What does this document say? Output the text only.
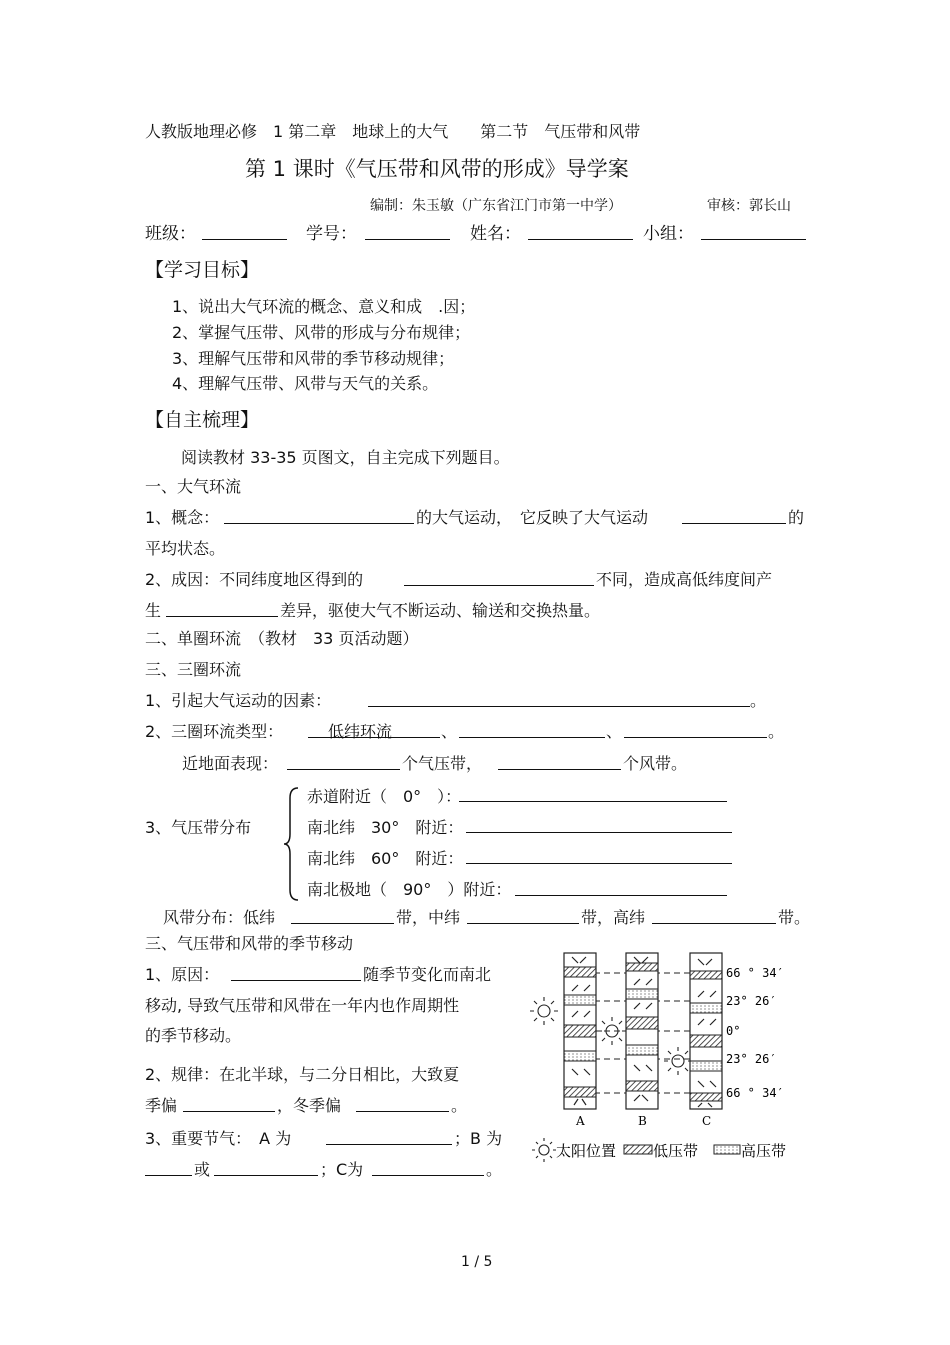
人教版地理必修　1 第二章　地球上的大气　　第二节　气压带和风带
第 1 课时《气压带和风带的形成》导学案
编制：朱玉敏（广东省江门市第一中学）	审核：郭长山
班级：	学号：	姓名：	小组：
【学习目标】
1、说出大气环流的概念、意义和成　.因；
2、掌握气压带、风带的形成与分布规律；
3、理解气压带和风带的季节移动规律；
4、理解气压带、风带与天气的关系。
【自主梳理】
阅读教材 33-35 页图文，自主完成下列题目。
一、大气环流
1、概念：	的大气运动，　它反映了大气运动	的
平均状态。
2、成因：不同纬度地区得到的	不同，造成高低纬度间产
生	差异，驱使大气不断运动、输送和交换热量。
二、单圈环流　（教材　33 页活动题）
三、三圈环流
1、引起大气运动的因素：	。
2、三圈环流类型：	低纬环流	、	、	。
近地面表现：	个气压带，	个风带。
3、气压带分布
赤道附近（　0°　）：
南北纬　30°　附近：
南北纬　60°　附近：
南北极地（　90°　）附近：
风带分布：低纬	带，中纬	带，高纬	带。
三、气压带和风带的季节移动
1、原因：	随季节变化而南北
移动, 导致气压带和风带在一年内也作周期性
的季节移动。
2、规律：在北半球，与二分日相比，大致夏
季偏	，冬季偏	。
3、重要节气：　A 为	；B 为
或	；C为	。
66 ° 34′
23° 26′
0°
23° 26′
66 ° 34′
A	B	C
太阳位置 低压带	高压带
1 / 5
